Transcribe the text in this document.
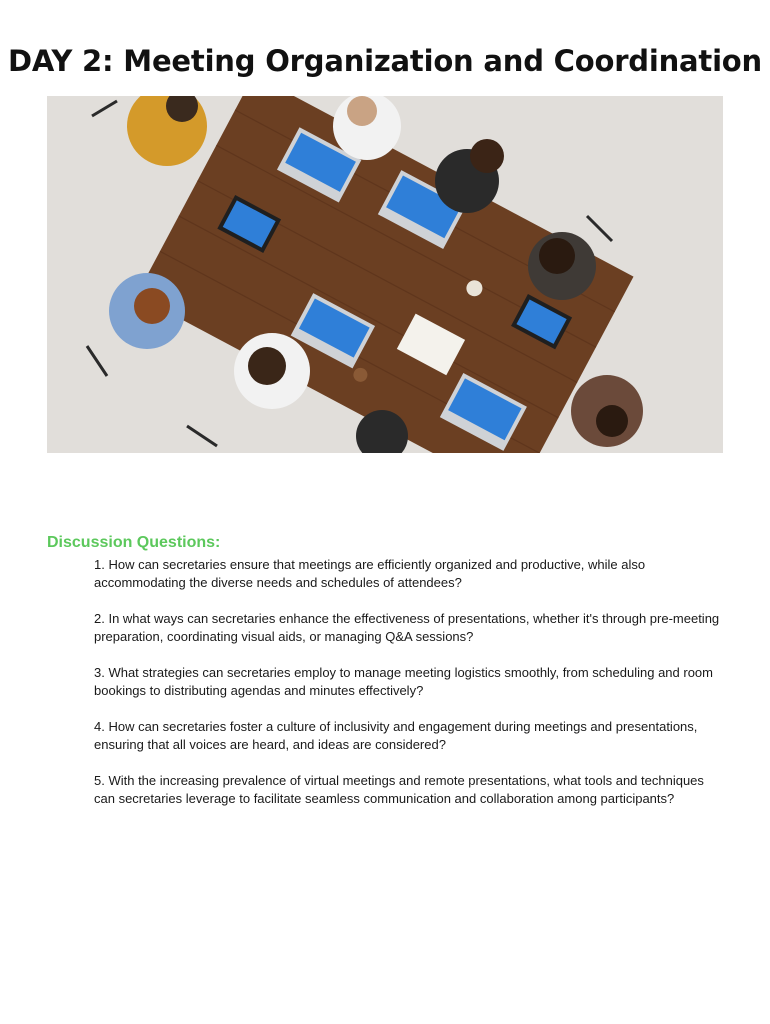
DAY 2: Meeting Organization and Coordination
Discussion Questions:
1. How can secretaries ensure that meetings are efficiently organized and productive, while also accommodating the diverse needs and schedules of attendees?
2. In what ways can secretaries enhance the effectiveness of presentations, whether it's through pre-meeting preparation, coordinating visual aids, or managing Q&A sessions?
3. What strategies can secretaries employ to manage meeting logistics smoothly, from scheduling and room bookings to distributing agendas and minutes effectively?
4. How can secretaries foster a culture of inclusivity and engagement during meetings and presentations, ensuring that all voices are heard, and ideas are considered?
5. With the increasing prevalence of virtual meetings and remote presentations, what tools and techniques can secretaries leverage to facilitate seamless communication and collaboration among participants?
